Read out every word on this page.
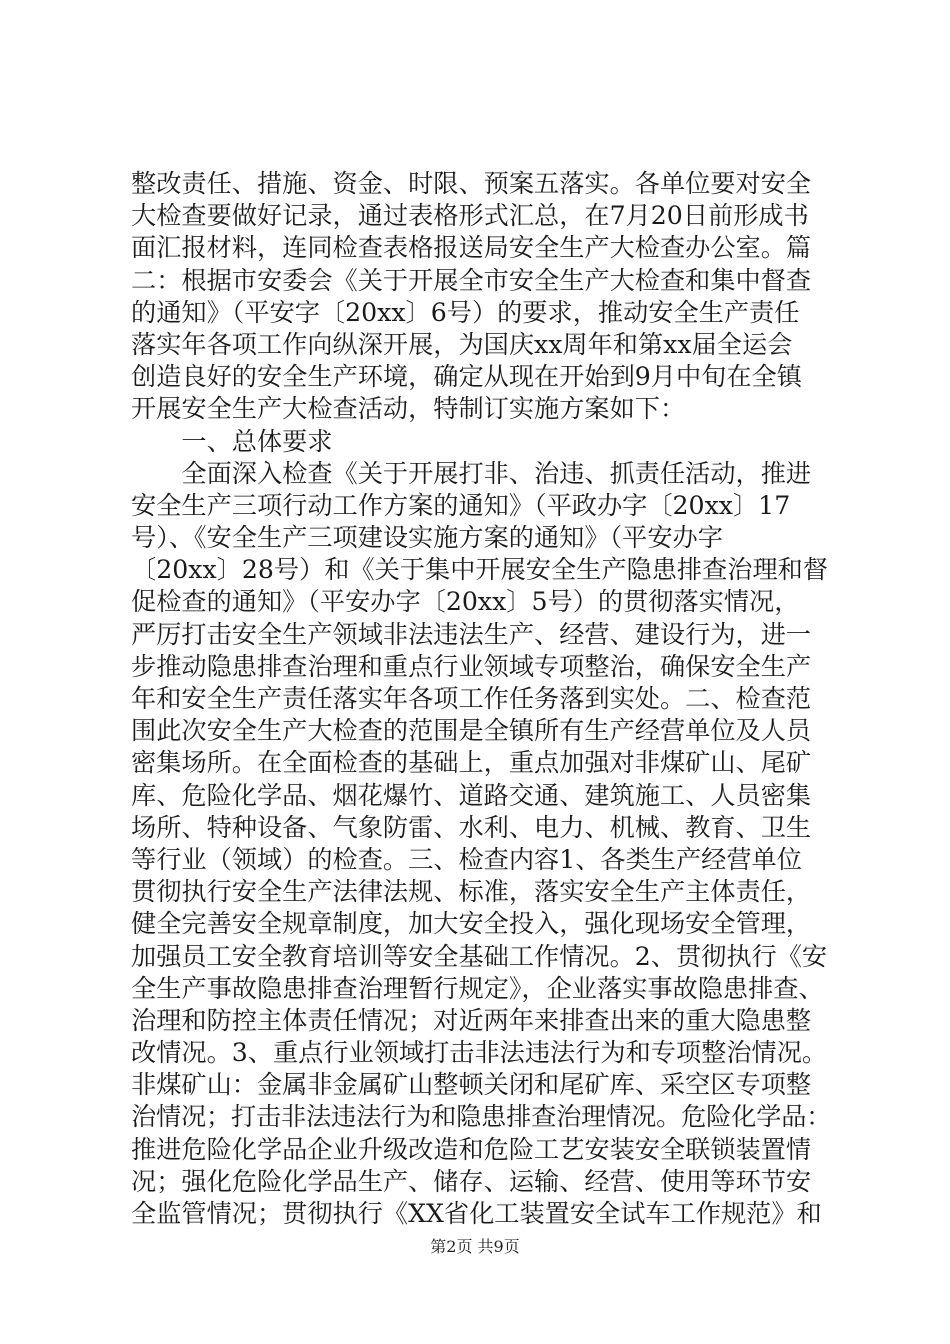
整改责任、措施、资金、时限、预案五落实。各单位要对安全
大检查要做好记录，通过表格形式汇总，在7月20日前形成书
面汇报材料，连同检查表格报送局安全生产大检查办公室。篇
二：根据市安委会《关于开展全市安全生产大检查和集中督查
的通知》（平安字〔20xx〕6号）的要求，推动安全生产责任
落实年各项工作向纵深开展，为国庆xx周年和第xx届全运会
创造良好的安全生产环境，确定从现在开始到9月中旬在全镇
开展安全生产大检查活动，特制订实施方案如下：
　　一、总体要求
　　全面深入检查《关于开展打非、治违、抓责任活动，推进
安全生产三项行动工作方案的通知》（平政办字〔20xx〕17
号）、《安全生产三项建设实施方案的通知》（平安办字
〔20xx〕28号）和《关于集中开展安全生产隐患排查治理和督
促检查的通知》（平安办字〔20xx〕5号）的贯彻落实情况，
严厉打击安全生产领域非法违法生产、经营、建设行为，进一
步推动隐患排查治理和重点行业领域专项整治，确保安全生产
年和安全生产责任落实年各项工作任务落到实处。二、检查范
围此次安全生产大检查的范围是全镇所有生产经营单位及人员
密集场所。在全面检查的基础上，重点加强对非煤矿山、尾矿
库、危险化学品、烟花爆竹、道路交通、建筑施工、人员密集
场所、特种设备、气象防雷、水利、电力、机械、教育、卫生
等行业（领域）的检查。三、检查内容1、各类生产经营单位
贯彻执行安全生产法律法规、标准，落实安全生产主体责任，
健全完善安全规章制度，加大安全投入，强化现场安全管理，
加强员工安全教育培训等安全基础工作情况。2、贯彻执行《安
全生产事故隐患排查治理暂行规定》，企业落实事故隐患排查、
治理和防控主体责任情况；对近两年来排查出来的重大隐患整
改情况。3、重点行业领域打击非法违法行为和专项整治情况。
非煤矿山：金属非金属矿山整顿关闭和尾矿库、采空区专项整
治情况；打击非法违法行为和隐患排查治理情况。危险化学品：
推进危险化学品企业升级改造和危险工艺安装安全联锁装置情
况；强化危险化学品生产、储存、运输、经营、使用等环节安
全监管情况；贯彻执行《XX省化工装置安全试车工作规范》和
第2页 共9页
